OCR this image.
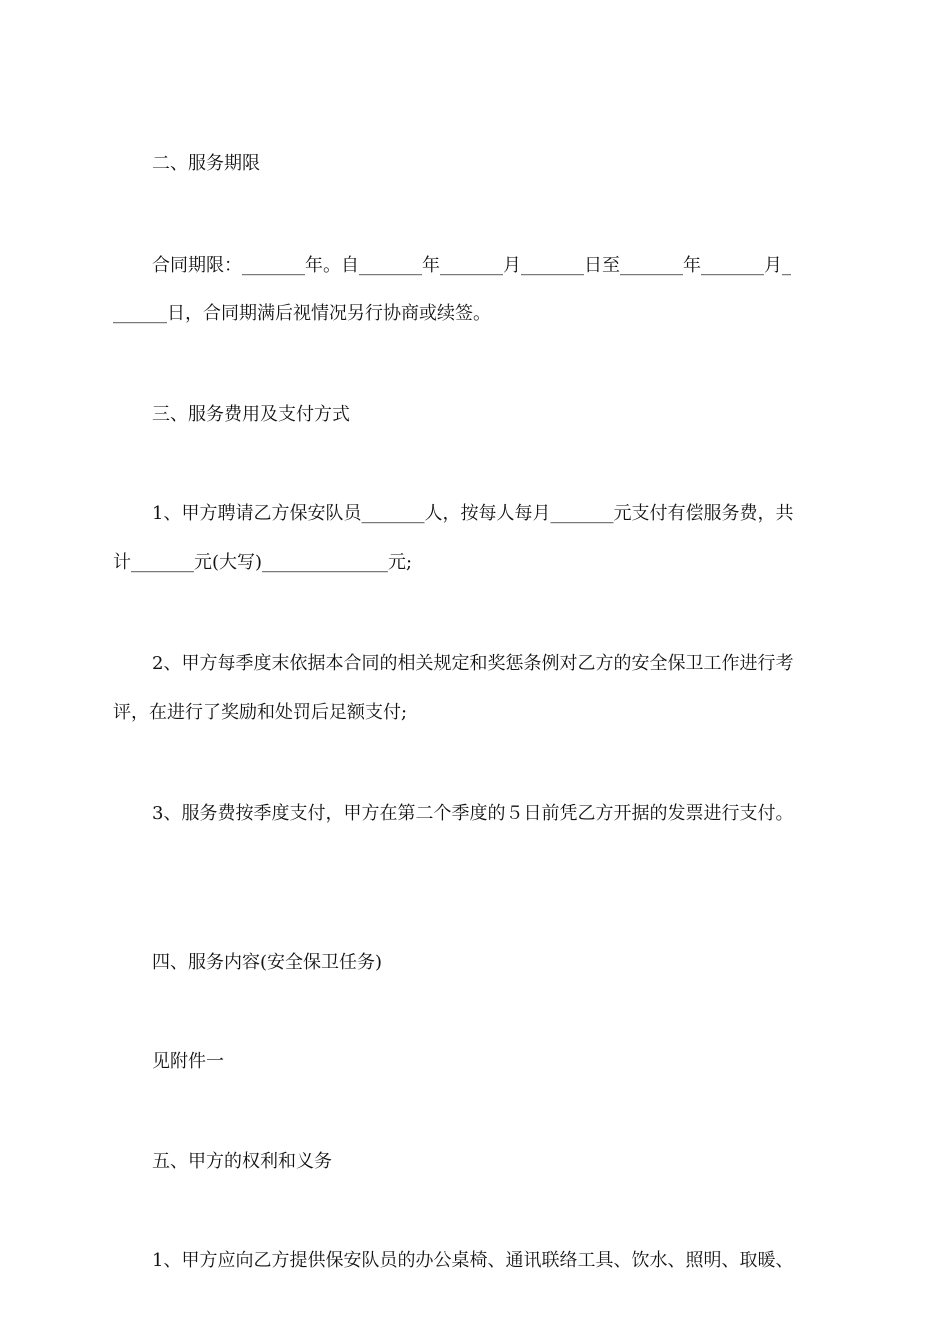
二、服务期限
合同期限：_______年。自_______年_______月_______日至_______年_______月_
______日，合同期满后视情况另行协商或续签。
三、服务费用及支付方式
1、甲方聘请乙方保安队员_______人，按每人每月_______元支付有偿服务费，共
计_______元(大写)______________元;
2、甲方每季度末依据本合同的相关规定和奖惩条例对乙方的安全保卫工作进行考
评，在进行了奖励和处罚后足额支付;
3、服务费按季度支付，甲方在第二个季度的５日前凭乙方开据的发票进行支付。
四、服务内容(安全保卫任务)
见附件一
五、甲方的权利和义务
1、甲方应向乙方提供保安队员的办公桌椅、通讯联络工具、饮水、照明、取暖、
